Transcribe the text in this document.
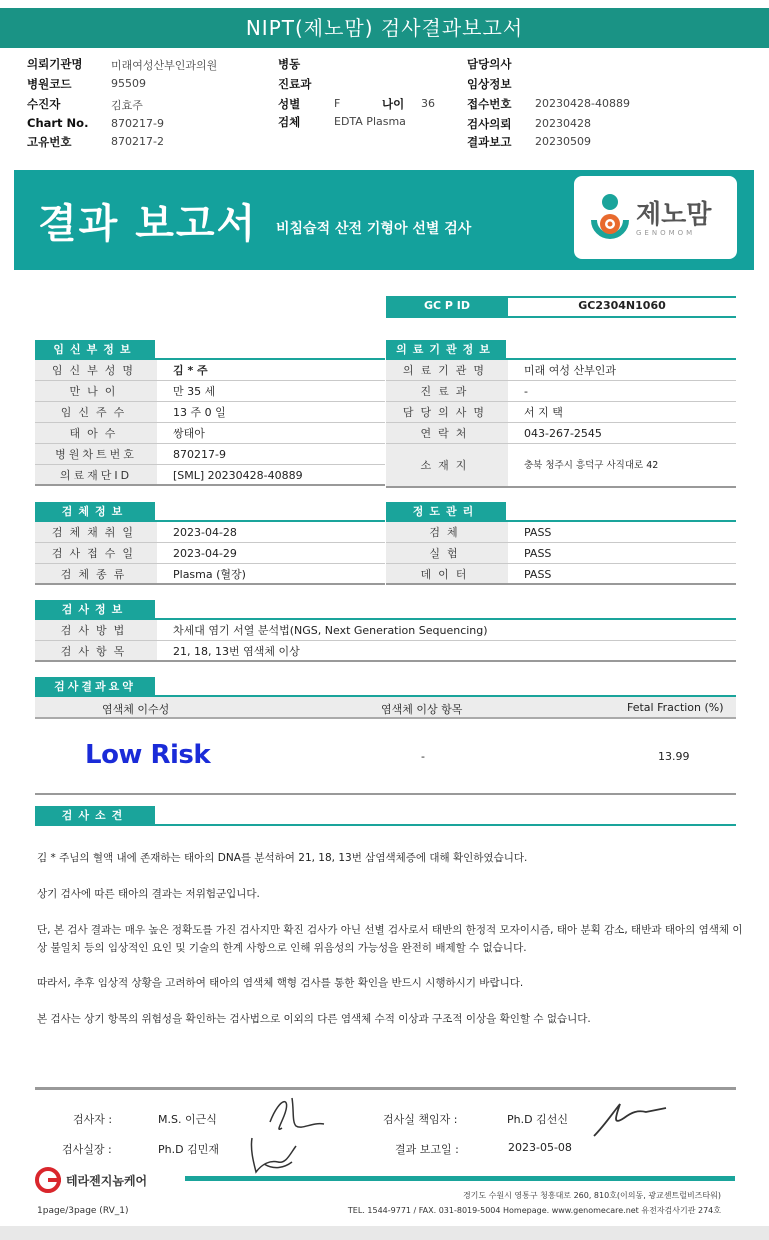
NIPT(제노맘) 검사결과보고서
의뢰기관명	미래여성산부인과의원
병원코드	95509
수진자	김효주
Chart No. 870217-9
고유번호	870217-2
병동
진료과
성별	F	나이 36
검체	EDTA Plasma
담당의사
임상정보
접수번호 20230428-40889
검사의뢰 20230428
결과보고 20230509
결과 보고서 비침습적 산전 기형아 선별 검사	제노맘
GENOMOM
GC P ID	GC2304N1060
임신부정보
임신부성명	김 * 주
만나이	만 35 세
임신주수	13 주 0 일
태아수	쌍태아
병원차트번호	870217-9
의료재단ID	[SML] 20230428-40889
의료기관정보
의료기관명	미래 여성 산부인과
진료과	-
담당의사명	서 지 택
연락처	043-267-2545
소재지	충북 청주시 흥덕구 사직대로 42
검체정보
검체채취일	2023-04-28
검사접수일	2023-04-29
검체종류	Plasma (혈장)
정도관리
검체	PASS
실험	PASS
데이터	PASS
검사정보
검사방법	차세대 염기 서열 분석법(NGS, Next Generation Sequencing)
검사항목	21, 18, 13번 염색체 이상
검사결과요약
염색체 이수성	염색체 이상 항목	Fetal Fraction (%)
Low Risk	-	13.99
검사소견
김 * 주님의 혈액 내에 존재하는 태아의 DNA를 분석하여 21, 18, 13번 삼염색체증에 대해 확인하였습니다.
상기 검사에 따른 태아의 결과는 저위험군입니다.
단, 본 검사 결과는 매우 높은 정확도를 가진 검사지만 확진 검사가 아닌 선별 검사로서 태반의 한정적 모자이시즘, 태아 분획 감소, 태반과 태아의 염색체 이상 불일치 등의 임상적인 요인 및 기술의 한계 사항으로 인해 위음성의 가능성을 완전히 배제할 수 없습니다.
따라서, 추후 임상적 상황을 고려하여 태아의 염색체 핵형 검사를 통한 확인을 반드시 시행하시기 바랍니다.
본 검사는 상기 항목의 위험성을 확인하는 검사법으로 이외의 다른 염색체 수적 이상과 구조적 이상을 확인할 수 없습니다.
검사자 :	M.S. 이근식
검사실장 :	Ph.D 김민재
검사실 책임자 :	Ph.D 김선신
결과 보고일 :	2023-05-08
테라젠지놈케어
경기도 수원시 영통구 청흥대로 260, 810호(이의동, 광교센트럴비즈타워)
TEL. 1544-9771 / FAX. 031-8019-5004 Homepage. www.genomecare.net 유전자검사기관 274호
1page/3page (RV_1)
